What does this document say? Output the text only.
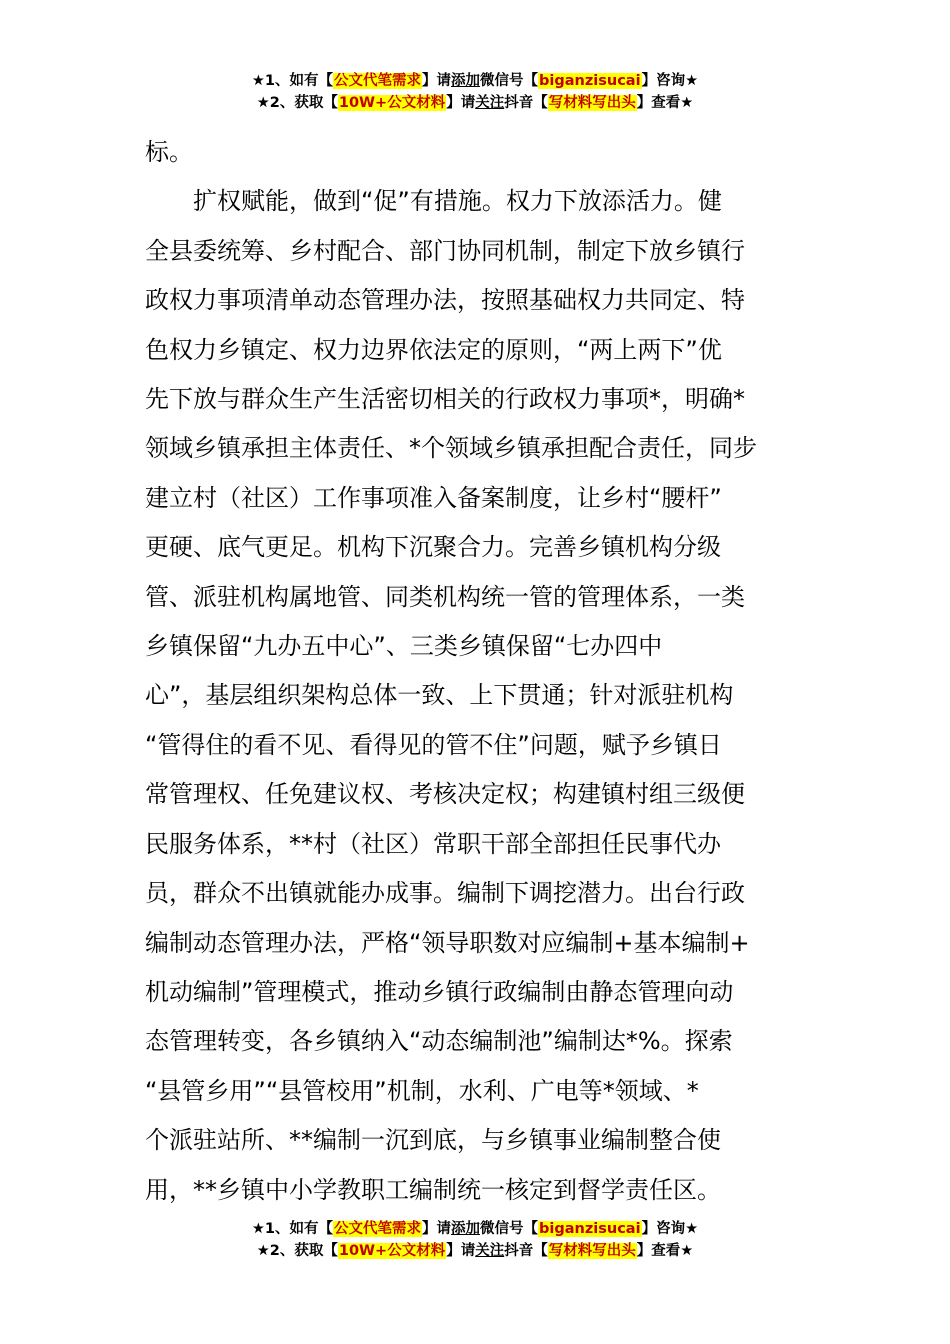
★1、如有【公文代笔需求】请添加微信号【biganzisucai】咨询★
★2、获取【10W+公文材料】请关注抖音【写材料写出头】查看★

标。

　　扩权赋能，做到“促”有措施。权力下放添活力。健

全县委统筹、乡村配合、部门协同机制，制定下放乡镇行

政权力事项清单动态管理办法，按照基础权力共同定、特

色权力乡镇定、权力边界依法定的原则，“两上两下”优

先下放与群众生产生活密切相关的行政权力事项*，明确*

领域乡镇承担主体责任、*个领域乡镇承担配合责任，同步

建立村（社区）工作事项准入备案制度，让乡村“腰杆”

更硬、底气更足。机构下沉聚合力。完善乡镇机构分级

管、派驻机构属地管、同类机构统一管的管理体系，一类

乡镇保留“九办五中心”、三类乡镇保留“七办四中

心”，基层组织架构总体一致、上下贯通；针对派驻机构

“管得住的看不见、看得见的管不住”问题，赋予乡镇日

常管理权、任免建议权、考核决定权；构建镇村组三级便

民服务体系，**村（社区）常职干部全部担任民事代办

员，群众不出镇就能办成事。编制下调挖潜力。出台行政

编制动态管理办法，严格“领导职数对应编制+基本编制+

机动编制”管理模式，推动乡镇行政编制由静态管理向动

态管理转变，各乡镇纳入“动态编制池”编制达*%。探索

“县管乡用”“县管校用”机制，水利、广电等*领域、*

个派驻站所、**编制一沉到底，与乡镇事业编制整合使

用，**乡镇中小学教职工编制统一核定到督学责任区。

★1、如有【公文代笔需求】请添加微信号【biganzisucai】咨询★
★2、获取【10W+公文材料】请关注抖音【写材料写出头】查看★
